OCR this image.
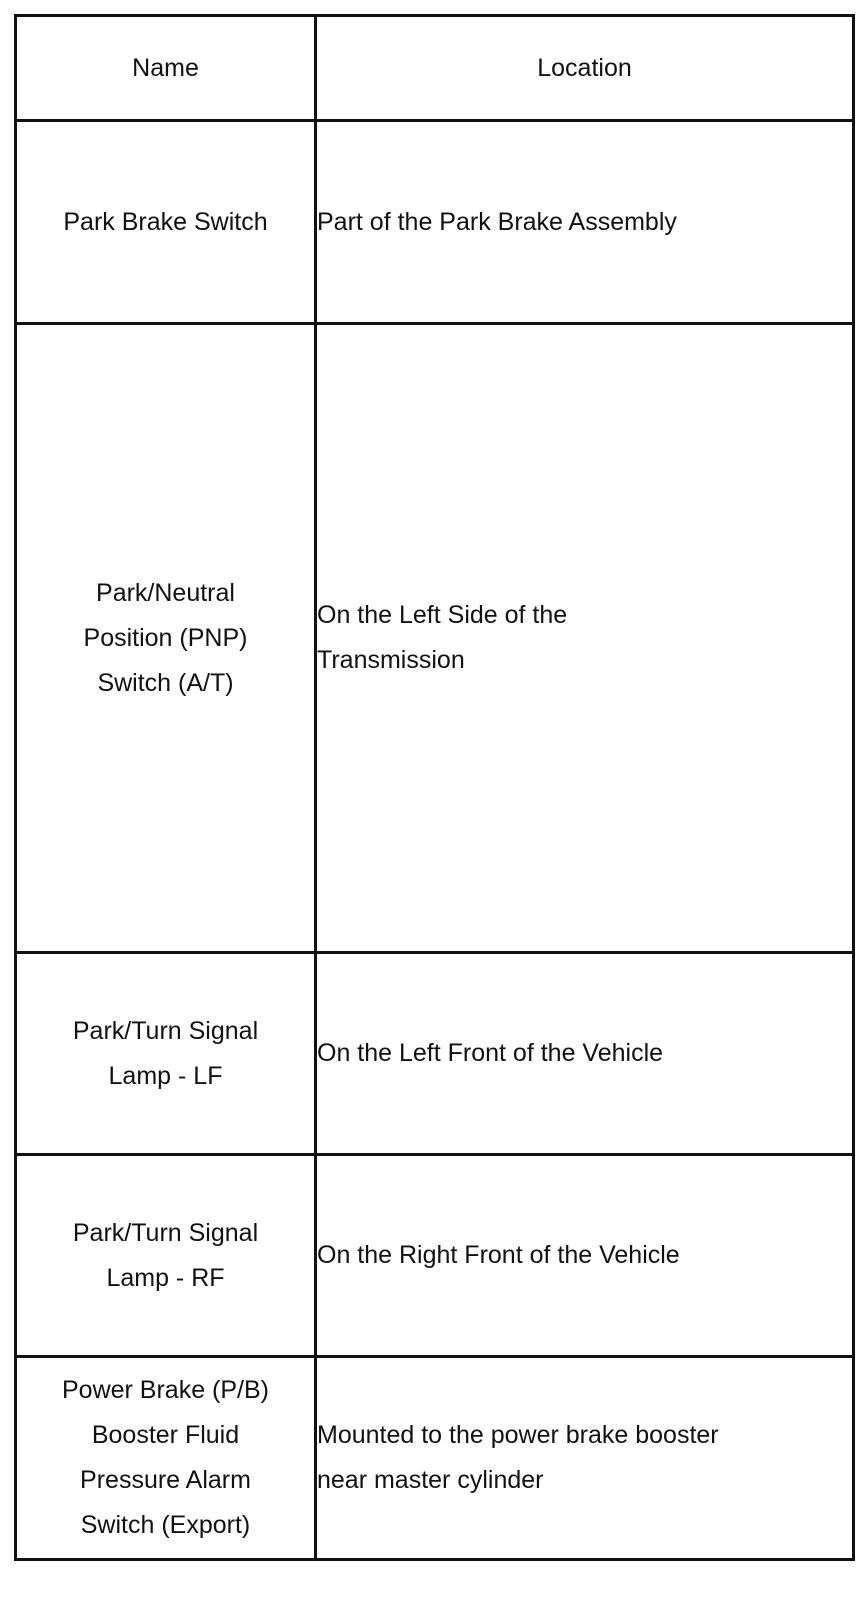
Name	Location

Park Brake Switch	Part of the Park Brake Assembly

Park/Neutral
Position (PNP)
Switch (A/T)	On the Left Side of the
Transmission

Park/Turn Signal
Lamp - LF	On the Left Front of the Vehicle

Park/Turn Signal
Lamp - RF	On the Right Front of the Vehicle

Power Brake (P/B)
Booster Fluid
Pressure Alarm
Switch (Export)	Mounted to the power brake booster
near master cylinder
